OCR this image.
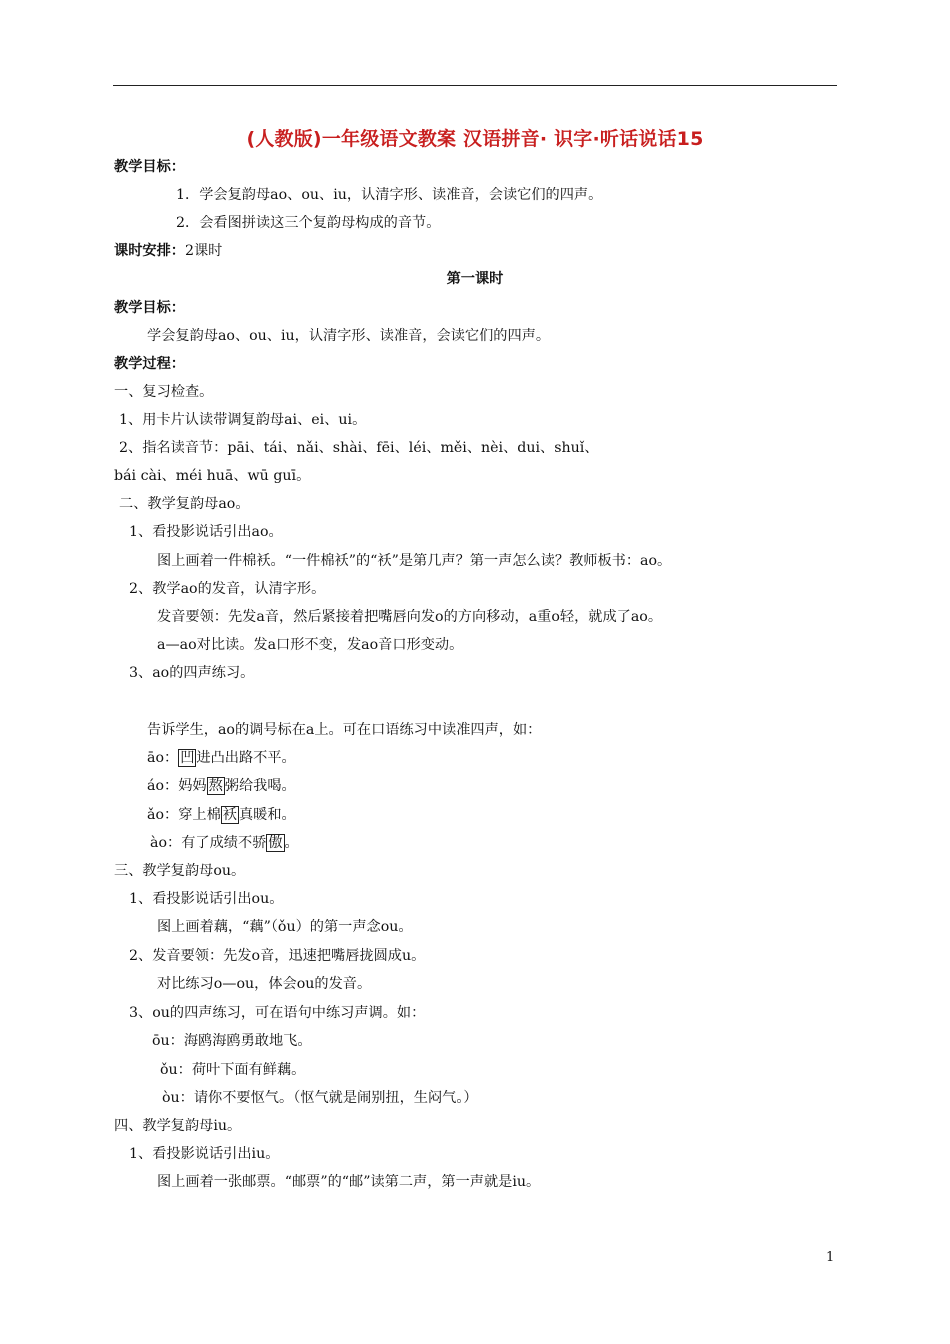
(人教版)一年级语文教案 汉语拼音· 识字·听话说话15
教学目标：
1．学会复韵母ao、ou、iu，认清字形、读准音，会读它们的四声。
2．会看图拼读这三个复韵母构成的音节。
课时安排：2课时
第一课时
教学目标：
学会复韵母ao、ou、iu，认清字形、读准音，会读它们的四声。
教学过程：
一、复习检查。
1、用卡片认读带调复韵母ai、ei、ui。
2、指名读音节：pāi、tái、nǎi、shài、fēi、léi、měi、nèi、dui、shuǐ、
bái cài、méi huā、wū guī。
二、教学复韵母ao。
1、看投影说话引出ao。
图上画着一件棉袄。“一件棉袄”的“袄”是第几声？第一声怎么读？教师板书：ao。
2、教学ao的发音，认清字形。
发音要领：先发a音，然后紧接着把嘴唇向发o的方向移动，a重o轻，就成了ao。
a—ao对比读。发a口形不变，发ao音口形变动。
3、ao的四声练习。
告诉学生，ao的调号标在a上。可在口语练习中读准四声，如：
āo： 凹 进凸出路不平。
áo：妈妈 熬 粥给我喝。
ǎo：穿上棉 袄 真暖和。
ào：有了成绩不骄 傲 。
三、教学复韵母ou。
1、看投影说话引出ou。
图上画着藕，“藕”（ǒu）的第一声念ou。
2、发音要领：先发o音，迅速把嘴唇拢圆成u。
对比练习o—ou，体会ou的发音。
3、ou的四声练习，可在语句中练习声调。如：
ōu：海鸥海鸥勇敢地飞。
ǒu：荷叶下面有鲜藕。
òu：请你不要怄气。（怄气就是闹别扭，生闷气。）
四、教学复韵母iu。
1、看投影说话引出iu。
图上画着一张邮票。“邮票”的“邮”读第二声，第一声就是iu。
1
